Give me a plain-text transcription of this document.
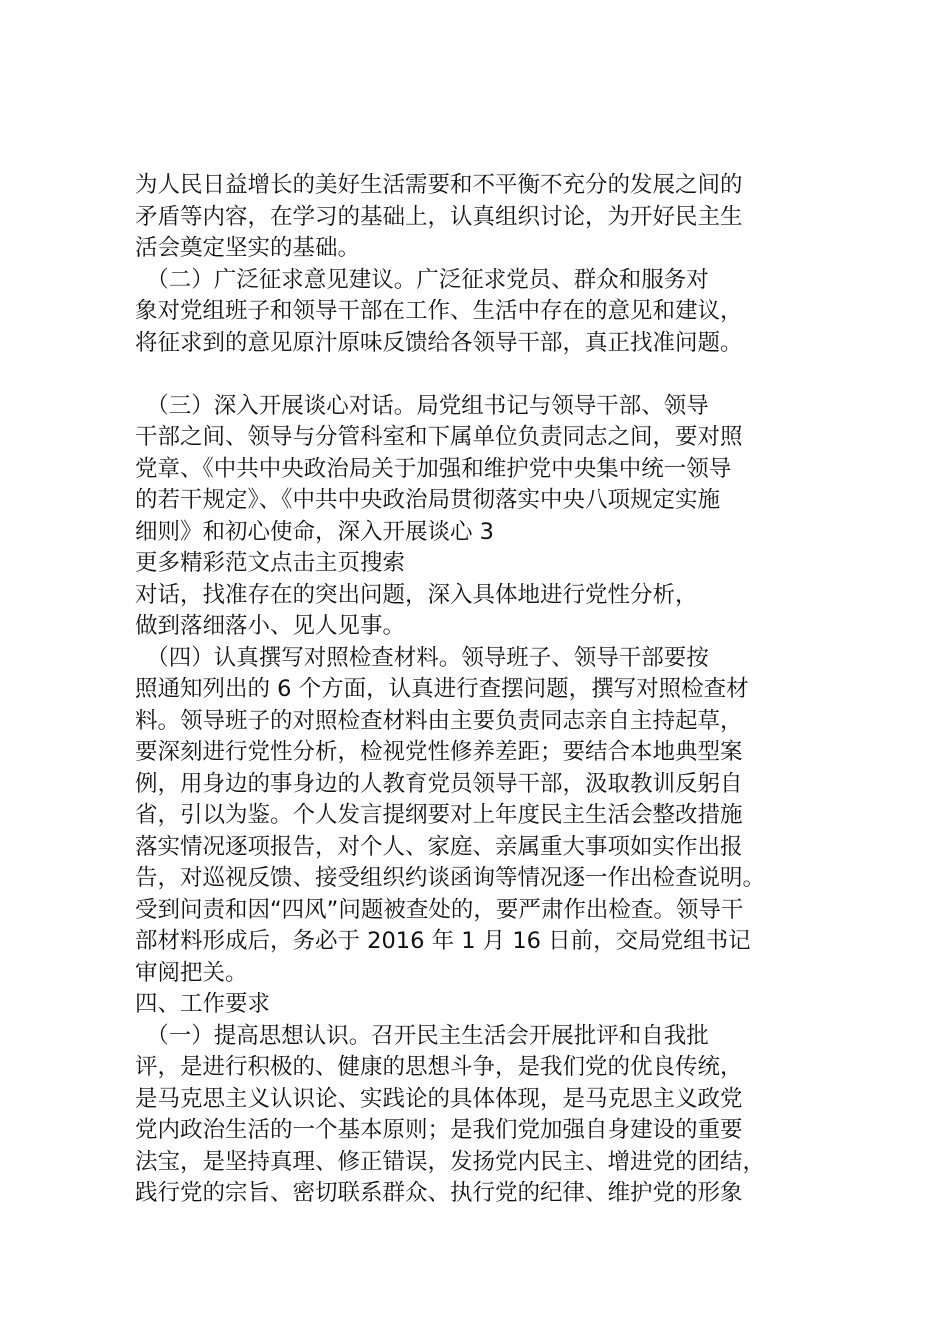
为人民日益增长的美好生活需要和不平衡不充分的发展之间的
矛盾等内容，在学习的基础上，认真组织讨论，为开好民主生
活会奠定坚实的基础。
　（二）广泛征求意见建议。广泛征求党员、群众和服务对
象对党组班子和领导干部在工作、生活中存在的意见和建议，
将征求到的意见原汁原味反馈给各领导干部，真正找准问题。
　（三）深入开展谈心对话。局党组书记与领导干部、领导
干部之间、领导与分管科室和下属单位负责同志之间，要对照
党章、《中共中央政治局关于加强和维护党中央集中统一领导
的若干规定》、《中共中央政治局贯彻落实中央八项规定实施
细则》和初心使命，深入开展谈心 3
更多精彩范文点击主页搜索
对话，找准存在的突出问题，深入具体地进行党性分析，
做到落细落小、见人见事。
　（四）认真撰写对照检查材料。领导班子、领导干部要按
照通知列出的 6 个方面，认真进行查摆问题，撰写对照检查材
料。领导班子的对照检查材料由主要负责同志亲自主持起草，
要深刻进行党性分析，检视党性修养差距；要结合本地典型案
例，用身边的事身边的人教育党员领导干部，汲取教训反躬自
省，引以为鉴。个人发言提纲要对上年度民主生活会整改措施
落实情况逐项报告，对个人、家庭、亲属重大事项如实作出报
告，对巡视反馈、接受组织约谈函询等情况逐一作出检查说明。
受到问责和因“四风”问题被查处的，要严肃作出检查。领导干
部材料形成后，务必于 2016 年 1 月 16 日前，交局党组书记
审阅把关。
四、工作要求
　（一）提高思想认识。召开民主生活会开展批评和自我批
评，是进行积极的、健康的思想斗争，是我们党的优良传统，
是马克思主义认识论、实践论的具体体现，是马克思主义政党
党内政治生活的一个基本原则；是我们党加强自身建设的重要
法宝，是坚持真理、修正错误，发扬党内民主、增进党的团结，
践行党的宗旨、密切联系群众、执行党的纪律、维护党的形象
